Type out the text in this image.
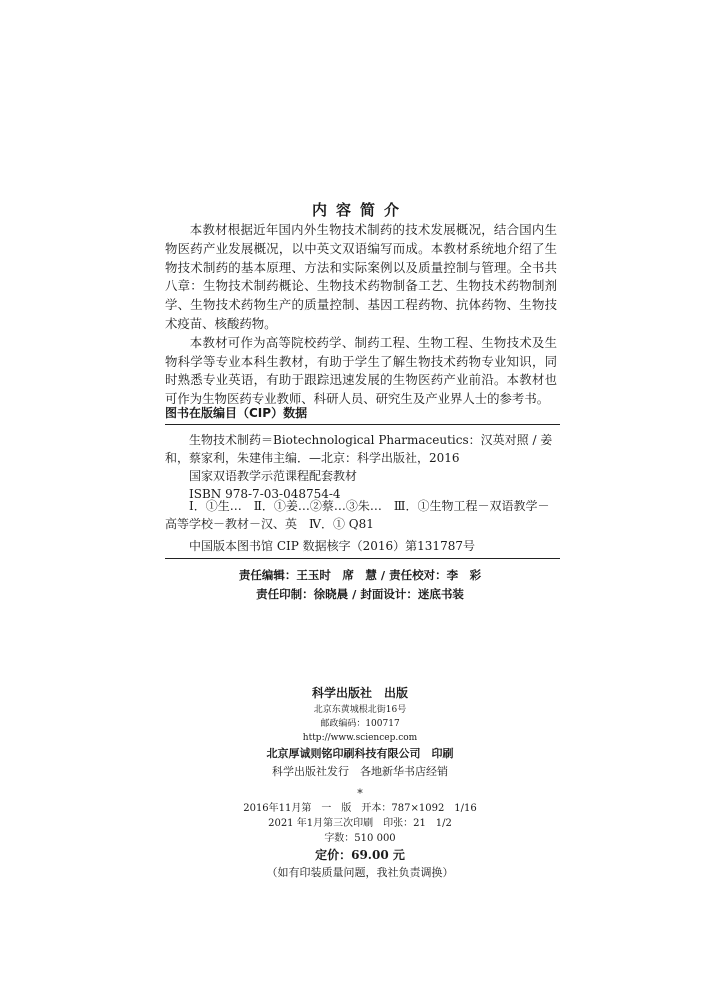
内容简介

本教材根据近年国内外生物技术制药的技术发展概况，结合国内生物医药产业发展概况，以中英文双语编写而成。本教材系统地介绍了生物技术制药的基本原理、方法和实际案例以及质量控制与管理。全书共八章：生物技术制药概论、生物技术药物制备工艺、生物技术药物制剂学、生物技术药物生产的质量控制、基因工程药物、抗体药物、生物技术疫苗、核酸药物。

本教材可作为高等院校药学、制药工程、生物工程、生物技术及生物科学等专业本科生教材，有助于学生了解生物技术药物专业知识，同时熟悉专业英语，有助于跟踪迅速发展的生物医药产业前沿。本教材也可作为生物医药专业教师、科研人员、研究生及产业界人士的参考书。

图书在版编目（CIP）数据

生物技术制药＝Biotechnological Pharmaceutics：汉英对照 / 姜和，蔡家利，朱建伟主编．—北京：科学出版社，2016

国家双语教学示范课程配套教材

ISBN 978-7-03-048754-4

Ⅰ．①生…　Ⅱ．①姜…②蔡…③朱…　Ⅲ．①生物工程－双语教学－高等学校－教材－汉、英　Ⅳ．① Q81

中国版本图书馆 CIP 数据核字（2016）第131787号

责任编辑：王玉时　席　慧 / 责任校对：李　彩
责任印制：徐晓晨 / 封面设计：迷底书装
科学出版社　出版
北京东黄城根北街16号
邮政编码：100717
http://www.sciencep.com
北京厚诚则铭印刷科技有限公司　印刷
科学出版社发行　各地新华书店经销
*
2016年11月第　一　版　开本：787×1092　1/16
2021 年1月第三次印刷　印张：21　1/2
字数：510 000
定价：69.00 元
（如有印装质量问题，我社负责调换）
